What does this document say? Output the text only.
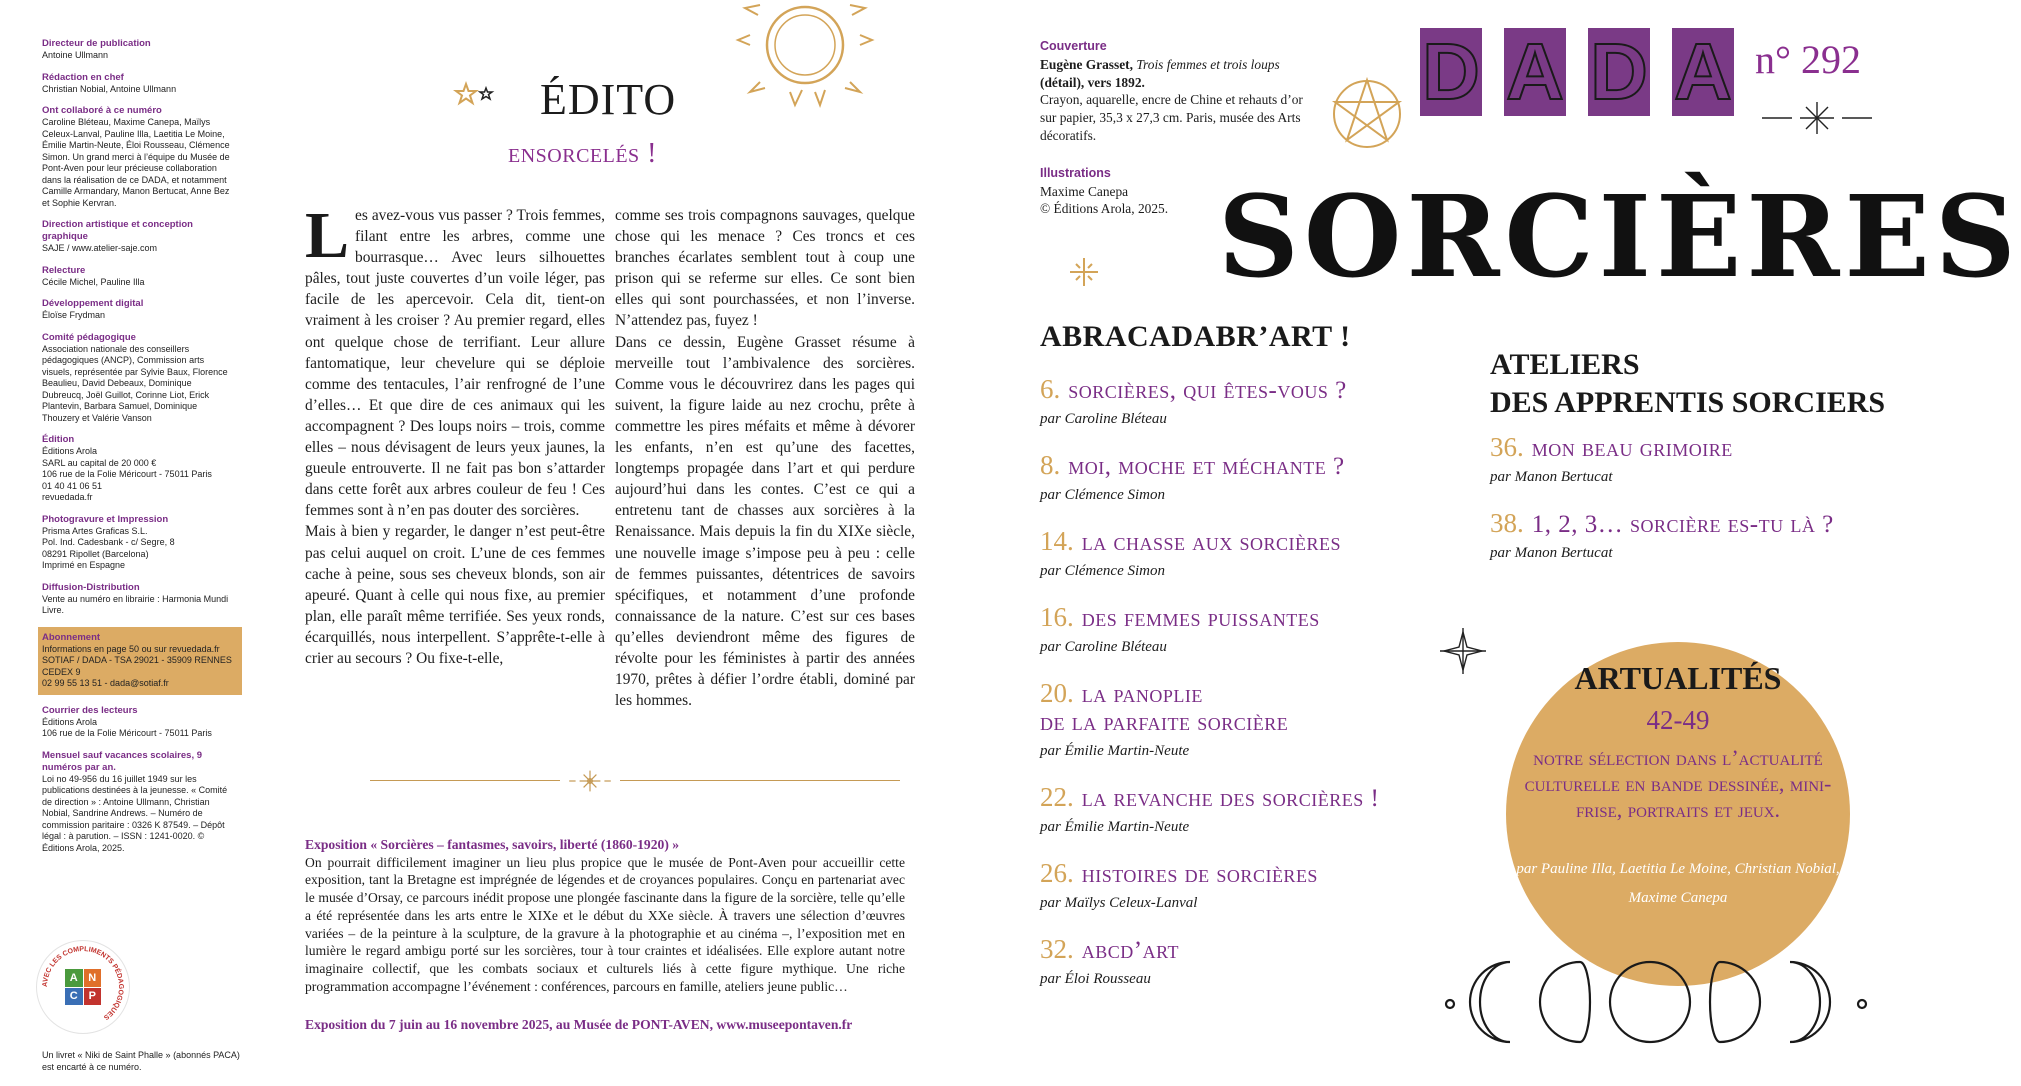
Directeur de publication
Antoine Ullmann
Rédaction en chef
Christian Nobial, Antoine Ullmann
Ont collaboré à ce numéro
Caroline Bléteau, Maxime Canepa, Maïlys Celeux-Lanval, Pauline Illa, Laetitia Le Moine, Émilie Martin-Neute, Éloi Rousseau, Clémence Simon. Un grand merci à l’équipe du Musée de Pont-Aven pour leur précieuse collaboration dans la réalisation de ce DADA, et notamment Camille Armandary, Manon Bertucat, Anne Bez et Sophie Kervran.
Direction artistique et conception graphique
SAJE / www.atelier-saje.com
Relecture
Cécile Michel, Pauline Illa
Développement digital
Éloïse Frydman
Comité pédagogique
Association nationale des conseillers pédagogiques (ANCP), Commission arts visuels, représentée par Sylvie Baux, Florence Beaulieu, David Debeaux, Dominique Dubreucq, Joël Guillot, Corinne Liot, Erick Plantevin, Barbara Samuel, Dominique Thouzery et Valérie Vanson
Édition
Éditions Arola
SARL au capital de 20 000 €
106 rue de la Folie Méricourt - 75011 Paris
01 40 41 06 51
revuedada.fr
Photogravure et Impression
Prisma Artes Graficas S.L.
Pol. Ind. Cadesbank - c/ Segre, 8
08291 Ripollet (Barcelona)
Imprimé en Espagne
Diffusion-Distribution
Vente au numéro en librairie : Harmonia Mundi Livre.
Abonnement
Informations en page 50 ou sur revuedada.fr
SOTIAF / DADA - TSA 29021 - 35909 RENNES CEDEX 9
02 99 55 13 51 - dada@sotiaf.fr
Courrier des lecteurs
Éditions Arola
106 rue de la Folie Méricourt - 75011 Paris
Mensuel sauf vacances scolaires, 9 numéros par an.
Loi no 49-956 du 16 juillet 1949 sur les publications destinées à la jeunesse. « Comité de direction » : Antoine Ullmann, Christian Nobial, Sandrine Andrews. – Numéro de commission paritaire : 0326 K 87549. – Dépôt légal : à parution. – ISSN : 1241-0020. © Éditions Arola, 2025.
AVEC LES COMPLIMENTS PÉDAGOGIQUES
A N
C P
Un livret « Niki de Saint Phalle » (abonnés PACA) est encarté à ce numéro.
ÉDITO
ensorcelés !

Les avez-vous vus passer ? Trois femmes, filant entre les arbres, comme une bourrasque… Avec leurs silhouettes pâles, tout juste couvertes d’un voile léger, pas facile de les apercevoir. Cela dit, tient-on vraiment à les croiser ? Au premier regard, elles ont quelque chose de terrifiant. Leur allure fantomatique, leur chevelure qui se déploie comme des tentacules, l’air renfrogné de l’une d’elles… Et que dire de ces animaux qui les accompagnent ? Des loups noirs – trois, comme elles – nous dévisagent de leurs yeux jaunes, la gueule entrouverte. Il ne fait pas bon s’attarder dans cette forêt aux arbres couleur de feu ! Ces femmes sont à n’en pas douter des sorcières.

Mais à bien y regarder, le danger n’est peut-être pas celui auquel on croit. L’une de ces femmes cache à peine, sous ses cheveux blonds, son air apeuré. Quant à celle qui nous fixe, au premier plan, elle paraît même terrifiée. Ses yeux ronds, écarquillés, nous interpellent. S’apprête-t-elle à crier au secours ? Ou fixe-t-elle,

comme ses trois compagnons sauvages, quelque chose qui les menace ? Ces troncs et ces branches écarlates semblent tout à coup une prison qui se referme sur elles. Ce sont bien elles qui sont pourchassées, et non l’inverse. N’attendez pas, fuyez !

Dans ce dessin, Eugène Grasset résume à merveille tout l’ambivalence des sorcières. Comme vous le découvrirez dans les pages qui suivent, la figure laide au nez crochu, prête à commettre les pires méfaits et même à dévorer les enfants, n’en est qu’une des facettes, longtemps propagée dans l’art et qui perdure aujourd’hui dans les contes. C’est ce qui a entretenu tant de chasses aux sorcières à la Renaissance. Mais depuis la fin du XIXe siècle, une nouvelle image s’impose peu à peu : celle de femmes puissantes, détentrices de savoirs spécifiques, et notamment d’une profonde connaissance de la nature. C’est sur ces bases qu’elles deviendront même des figures de révolte pour les féministes à partir des années 1970, prêtes à défier l’ordre établi, dominé par les hommes.

Exposition « Sorcières – fantasmes, savoirs, liberté (1860-1920) »
On pourrait difficilement imaginer un lieu plus propice que le musée de Pont-Aven pour accueillir cette exposition, tant la Bretagne est imprégnée de légendes et de croyances populaires. Conçu en partenariat avec le musée d’Orsay, ce parcours inédit propose une plongée fascinante dans la figure de la sorcière, telle qu’elle a été représentée dans les arts entre le XIXe et le début du XXe siècle. À travers une sélection d’œuvres variées – de la peinture à la sculpture, de la gravure à la photographie et au cinéma –, l’exposition met en lumière le regard ambigu porté sur les sorcières, tour à tour craintes et idéalisées. Elle explore autant notre imaginaire collectif, que les combats sociaux et culturels liés à cette figure mythique. Une riche programmation accompagne l’événement : conférences, parcours en famille, ateliers jeune public…
Exposition du 7 juin au 16 novembre 2025, au Musée de PONT-AVEN, www.museepontaven.fr
Couverture
Eugène Grasset, Trois femmes et trois loups
(détail), vers 1892.
Crayon, aquarelle, encre de Chine et rehauts d’or sur papier, 35,3 x 27,3 cm. Paris, musée des Arts décoratifs.
Illustrations
Maxime Canepa
© Éditions Arola, 2025.
D A D A n° 292
SORCIÈRES
ABRACADABR’ART !
6. sorcières, qui êtes-vous ?
par Caroline Bléteau
8. moi, moche et méchante ?
par Clémence Simon
14. la chasse aux sorcières
par Clémence Simon
16. des femmes puissantes
par Caroline Bléteau
20. la panoplie
de la parfaite sorcière
par Émilie Martin-Neute
22. la revanche des sorcières !
par Émilie Martin-Neute
26. histoires de sorcières
par Maïlys Celeux-Lanval
32. abcd’art
par Éloi Rousseau
ATELIERS
DES APPRENTIS SORCIERS
36. mon beau grimoire
par Manon Bertucat
38. 1, 2, 3… sorcière es-tu là ?
par Manon Bertucat
ARTUALITÉS
42-49
notre sélection dans l’actualité culturelle en bande dessinée, mini-frise, portraits et jeux.
par Pauline Illa, Laetitia Le Moine, Christian Nobial, Maxime Canepa
